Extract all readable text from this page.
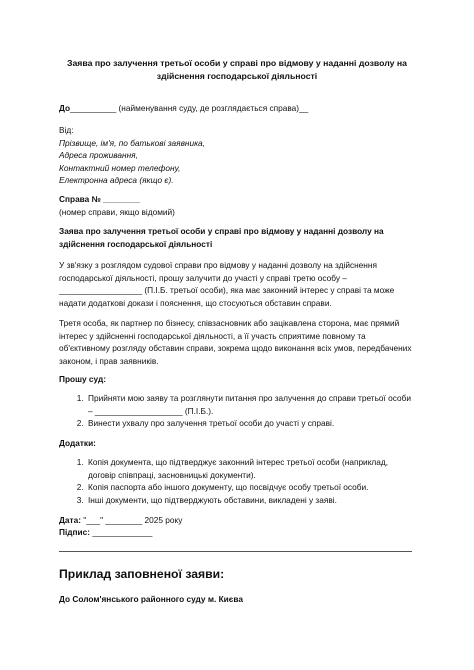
Заява про залучення третьої особи у справі про відмову у наданні дозволу на здійснення господарської діяльності
До__________ (найменування суду, де розглядається справа)__
Від:
Прізвище, ім'я, по батькові заявника,
Адреса проживання,
Контактний номер телефону,
Електронна адреса (якщо є).
Справа № ________
(номер справи, якщо відомий)
Заява про залучення третьої особи у справі про відмову у наданні дозволу на здійснення господарської діяльності
У зв'язку з розглядом судової справи про відмову у наданні дозволу на здійснення господарської діяльності, прошу залучити до участі у справі третю особу – __________________ (П.І.Б. третьої особи), яка має законний інтерес у справі та може надати додаткові докази і пояснення, що стосуються обставин справи.
Третя особа, як партнер по бізнесу, співзасновник або зацікавлена сторона, має прямий інтерес у здійсненні господарської діяльності, а її участь сприятиме повному та об'єктивному розгляду обставин справи, зокрема щодо виконання всіх умов, передбачених законом, і прав заявників.
Прошу суд:
1. Прийняти мою заяву та розглянути питання про залучення до справи третьої особи – ___________________ (П.І.Б.).
2. Винести ухвалу про залучення третьої особи до участі у справі.
Додатки:
1. Копія документа, що підтверджує законний інтерес третьої особи (наприклад, договір співпраці, засновницькі документи).
2. Копія паспорта або іншого документу, що посвідчує особу третьої особи.
3. Інші документи, що підтверджують обставини, викладені у заяві.
Дата: "___" ________ 2025 року
Підпис: _____________
Приклад заповненої заяви:
До Солом'янського районного суду м. Києва
